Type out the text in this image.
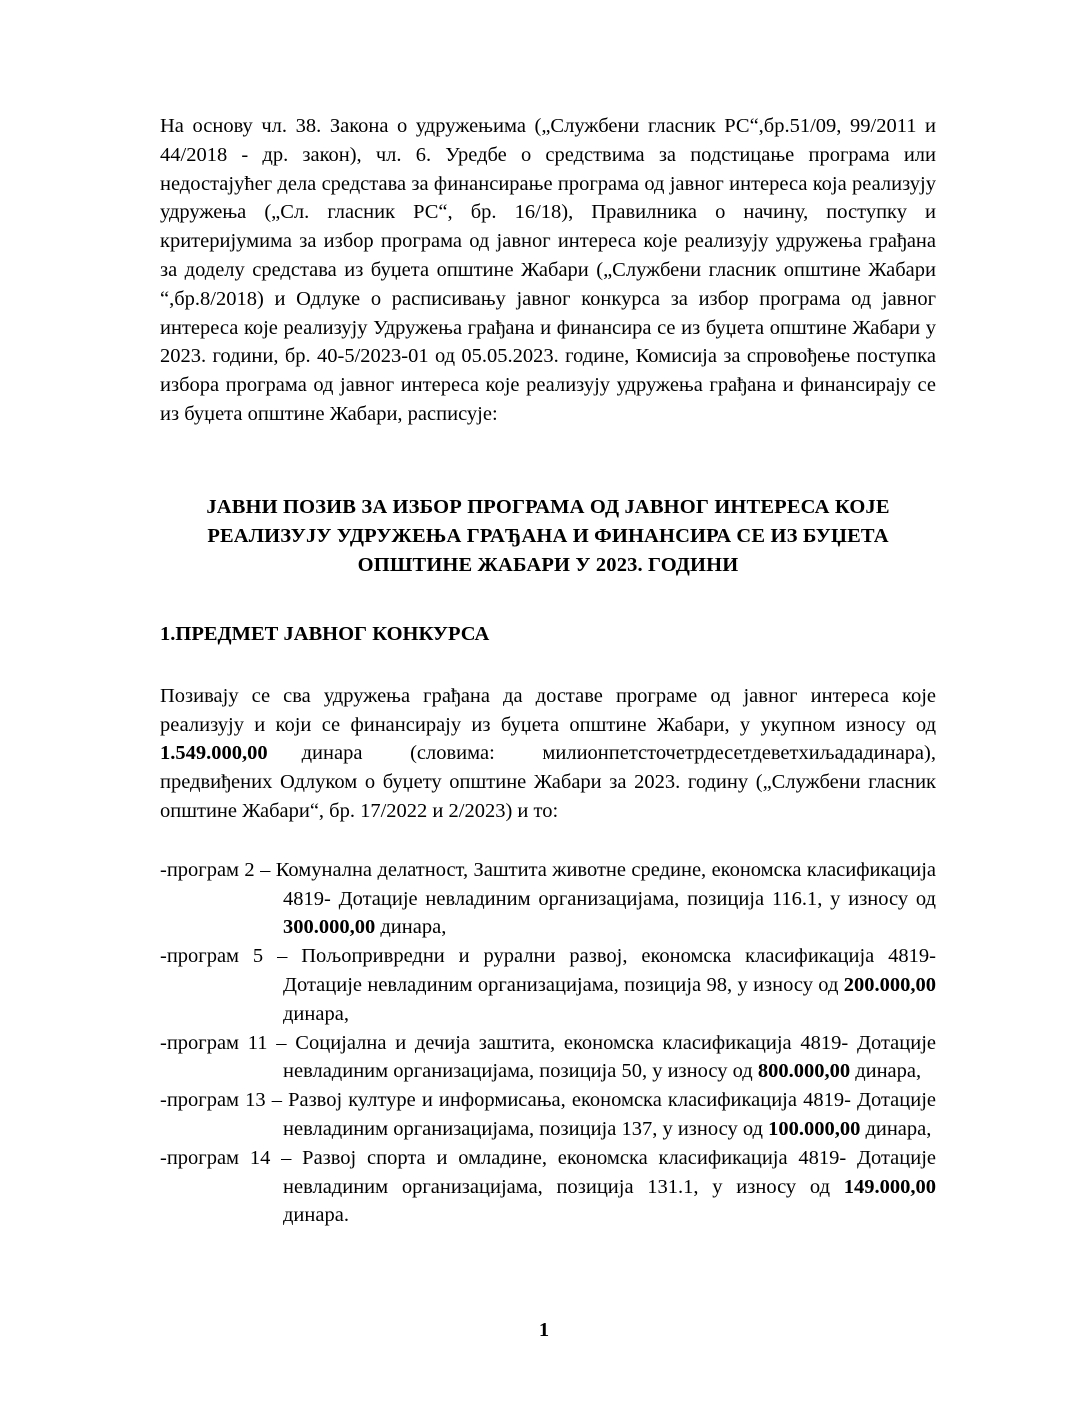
На основу чл. 38. Закона о удружењима („Службени гласник РС“,бр.51/09, 99/2011 и 44/2018 - др. закон), чл. 6. Уредбе о средствима за подстицање програма или недостајућег дела средстава за финансирање програма од јавног интереса која реализују удружења („Сл. гласник РС“, бр. 16/18), Правилника о начину, поступку и критеријумима за избор програма од јавног интереса које реализују удружења грађана за доделу средстава из буџета општине Жабари („Службени гласник општине Жабари “,бр.8/2018) и Одлуке о расписивању јавног конкурса за избор програма од јавног интереса које реализују Удружења грађана и финансира се из буџета општине Жабари у 2023. години, бр. 40-5/2023-01 од 05.05.2023. године, Комисија за спровођење поступка избора програма од јавног интереса које реализују удружења грађана и финансирају се из буџета општине Жабари, расписује:

ЈАВНИ ПОЗИВ ЗА ИЗБОР ПРОГРАМА ОД ЈАВНОГ ИНТЕРЕСА КОЈЕ
РЕАЛИЗУЈУ УДРУЖЕЊА ГРАЂАНА И ФИНАНСИРА СЕ ИЗ БУЏЕТА
ОПШТИНЕ ЖАБАРИ У 2023. ГОДИНИ
1.ПРЕДМЕТ ЈАВНОГ КОНКУРСА

Позивају се сва удружења грађана да доставе програме од јавног интереса које реализују и који се финансирају из буџета општине Жабари, у укупном износу од 1.549.000,00 динара (словима: милионпетсточетрдесетдеветхиљададинара), предвиђених Одлуком о буџету општине Жабари за 2023. годину („Службени гласник општине Жабари“, бр. 17/2022 и 2/2023) и то:

-програм 2 – Комунална делатност, Заштита животне средине, економска класификација 4819- Дотације невладиним организацијама, позиција 116.1, у износу од 300.000,00 динара,

-програм 5 – Пољопривредни и рурални развој, економска класификација 4819- Дотације невладиним организацијама, позиција 98, у износу од 200.000,00 динара,

-програм 11 – Социјална и дечија заштита, економска класификација 4819- Дотације невладиним организацијама, позиција 50, у износу од 800.000,00 динара,

-програм 13 – Развој културе и информисања, економска класификација 4819- Дотације невладиним организацијама, позиција 137, у износу од 100.000,00 динара,

-програм 14 – Развој спорта и омладине, економска класификација 4819- Дотације невладиним организацијама, позиција 131.1, у износу од 149.000,00 динара.

1
